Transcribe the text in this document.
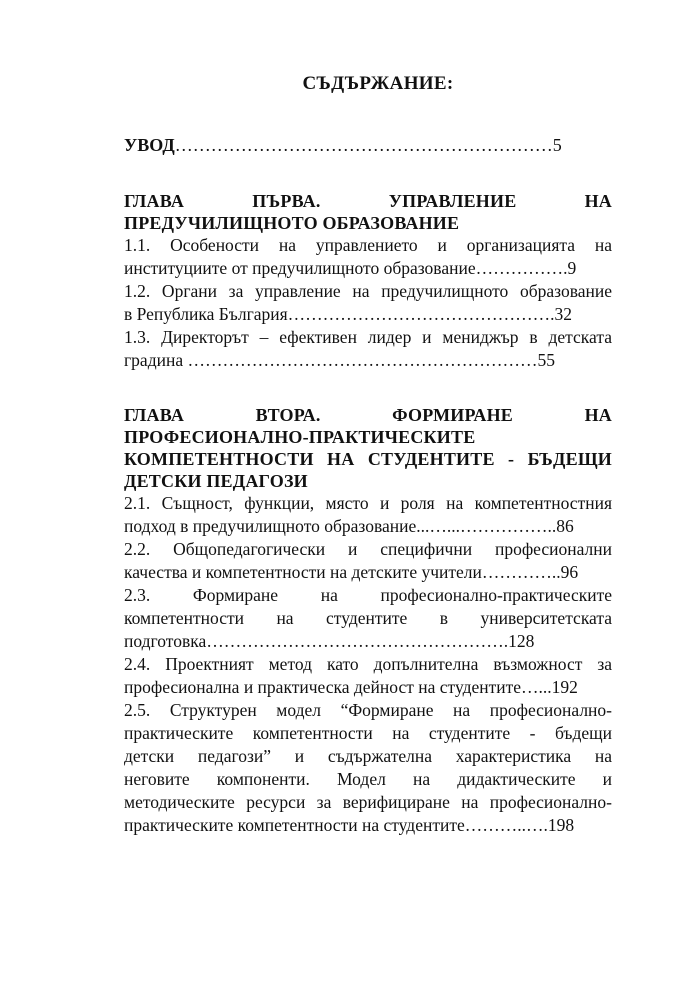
СЪДЪРЖАНИЕ:
УВОД………………………………………………………5
ГЛАВА ПЪРВА. УПРАВЛЕНИЕ НА
ПРЕДУЧИЛИЩНОТО ОБРАЗОВАНИЕ
1.1. Особености на управлението и организацията на
институциите от предучилищното образование…………….9
1.2. Органи за управление на предучилищното образование
в Република България……………………………………….32
1.3. Директорът – ефективен лидер и мениджър в детската
градина ……………………………………………………55
ГЛАВА ВТОРА. ФОРМИРАНЕ НА
ПРОФЕСИОНАЛНО-ПРАКТИЧЕСКИТЕ
КОМПЕТЕНТНОСТИ НА СТУДЕНТИТЕ - БЪДЕЩИ
ДЕТСКИ ПЕДАГОЗИ
2.1. Същност, функции, място и роля на компетентностния
подход в предучилищното образование...…...……………..86
2.2. Общопедагогически и специфични професионални
качества и компетентности на детските учители…………..96
2.3. Формиране на професионално-практическите
компетентности на студентите в университетската
подготовка…………………………………………….128
2.4. Проектният метод като допълнителна възможност за
професионална и практическа дейност на студентите…...192
2.5. Структурен модел “Формиране на професионално-
практическите компетентности на студентите - бъдещи
детски педагози” и съдържателна характеристика на
неговите компоненти. Модел на дидактическите и
методическите ресурси за верифициране на професионално-
практическите компетентности на студентите………..….198
